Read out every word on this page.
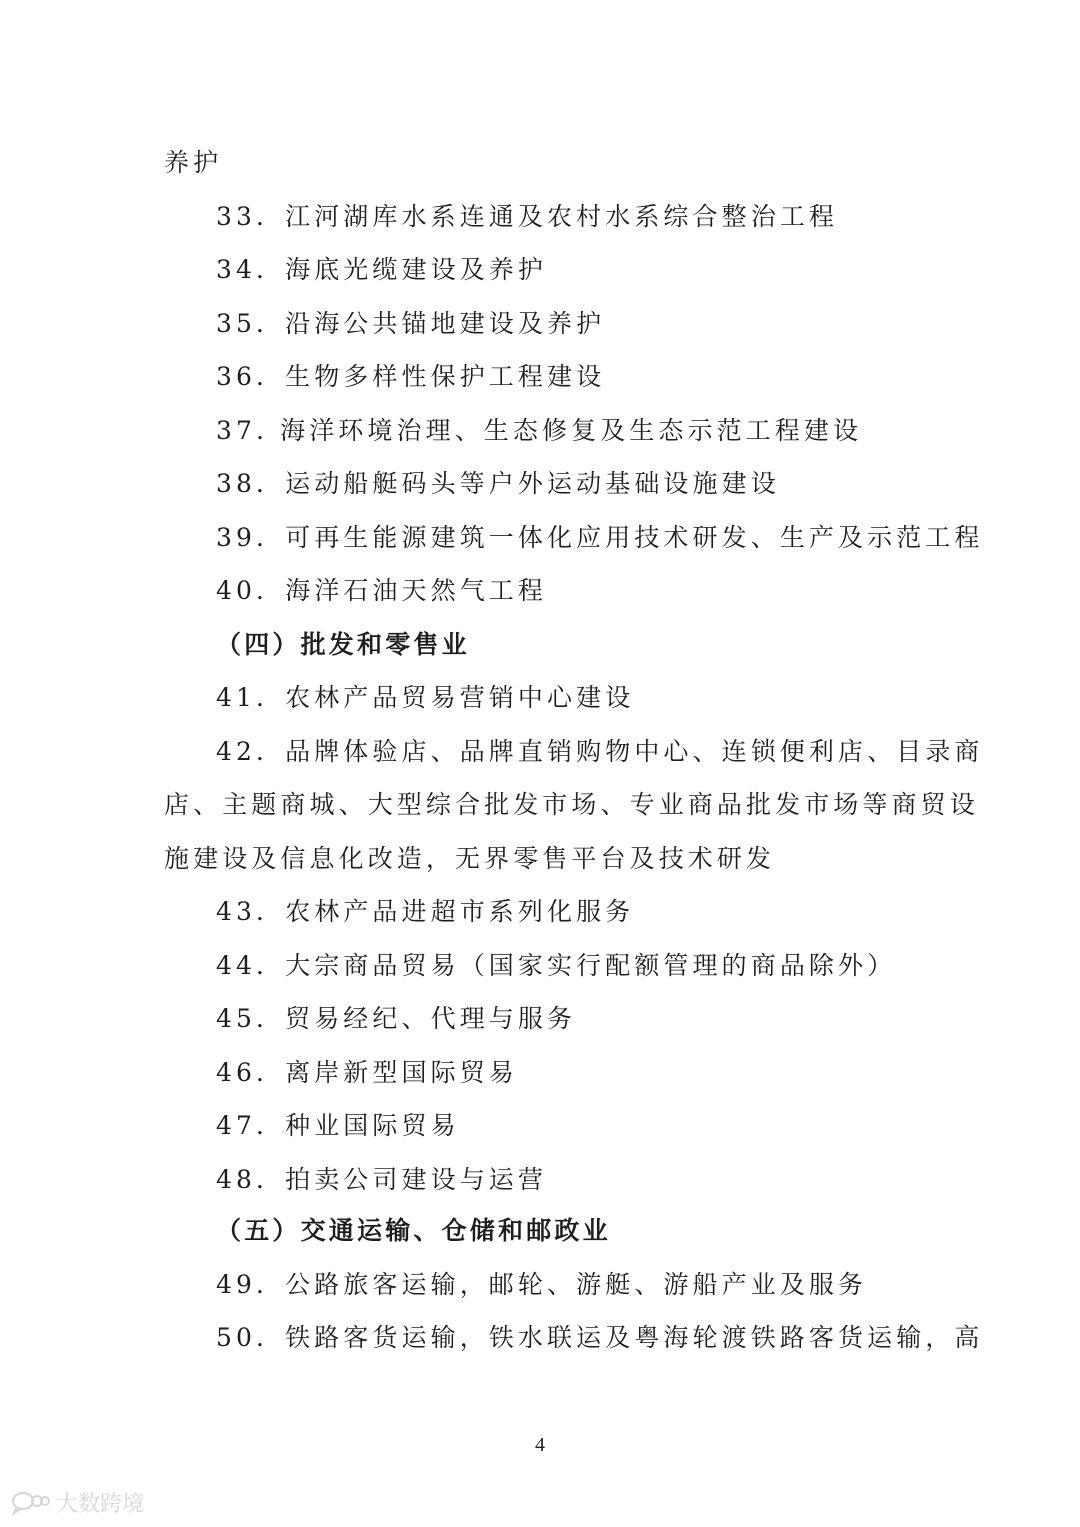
养护
33．江河湖库水系连通及农村水系综合整治工程
34．海底光缆建设及养护
35．沿海公共锚地建设及养护
36．生物多样性保护工程建设
37. 海洋环境治理、生态修复及生态示范工程建设
38．运动船艇码头等户外运动基础设施建设
39．可再生能源建筑一体化应用技术研发、生产及示范工程
40．海洋石油天然气工程
（四）批发和零售业
41．农林产品贸易营销中心建设
42．品牌体验店、品牌直销购物中心、连锁便利店、目录商
店、主题商城、大型综合批发市场、专业商品批发市场等商贸设
施建设及信息化改造，无界零售平台及技术研发
43．农林产品进超市系列化服务
44．大宗商品贸易（国家实行配额管理的商品除外）
45．贸易经纪、代理与服务
46．离岸新型国际贸易
47．种业国际贸易
48．拍卖公司建设与运营
（五）交通运输、仓储和邮政业
49．公路旅客运输，邮轮、游艇、游船产业及服务
50．铁路客货运输，铁水联运及粤海轮渡铁路客货运输，高
4
大数跨境
